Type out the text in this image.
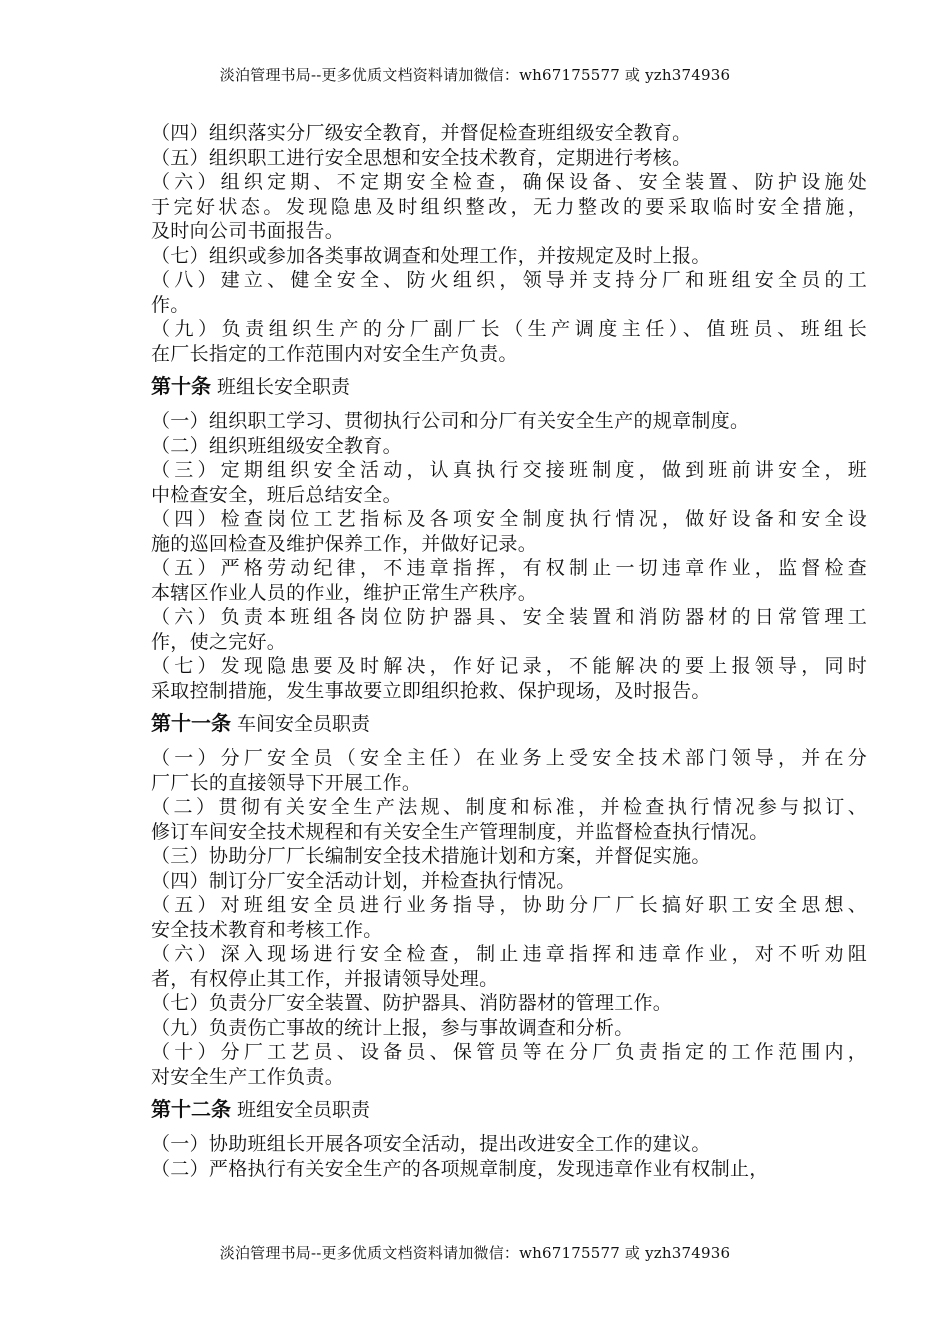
淡泊管理书局--更多优质文档资料请加微信：wh67175577 或 yzh374936
（四）组织落实分厂级安全教育，并督促检查班组级安全教育。
（五）组织职工进行安全思想和安全技术教育，定期进行考核。
（六）组织定期、不定期安全检查，确保设备、安全装置、防护设施处
于完好状态。发现隐患及时组织整改，无力整改的要采取临时安全措施，
及时向公司书面报告。
（七）组织或参加各类事故调查和处理工作，并按规定及时上报。
（八）建立、健全安全、防火组织，领导并支持分厂和班组安全员的工
作。
（九）负责组织生产的分厂副厂长（生产调度主任）、值班员、班组长
在厂长指定的工作范围内对安全生产负责。
第十条 班组长安全职责
（一）组织职工学习、贯彻执行公司和分厂有关安全生产的规章制度。
（二）组织班组级安全教育。
（三）定期组织安全活动，认真执行交接班制度，做到班前讲安全，班
中检查安全，班后总结安全。
（四）检查岗位工艺指标及各项安全制度执行情况，做好设备和安全设
施的巡回检查及维护保养工作，并做好记录。
（五）严格劳动纪律，不违章指挥，有权制止一切违章作业，监督检查
本辖区作业人员的作业，维护正常生产秩序。
（六）负责本班组各岗位防护器具、安全装置和消防器材的日常管理工
作，使之完好。
（七）发现隐患要及时解决，作好记录，不能解决的要上报领导，同时
采取控制措施，发生事故要立即组织抢救、保护现场，及时报告。
第十一条 车间安全员职责
（一）分厂安全员（安全主任）在业务上受安全技术部门领导，并在分
厂厂长的直接领导下开展工作。
（二）贯彻有关安全生产法规、制度和标准，并检查执行情况参与拟订、
修订车间安全技术规程和有关安全生产管理制度，并监督检查执行情况。
（三）协助分厂厂长编制安全技术措施计划和方案，并督促实施。
（四）制订分厂安全活动计划，并检查执行情况。
（五）对班组安全员进行业务指导，协助分厂厂长搞好职工安全思想、
安全技术教育和考核工作。
（六）深入现场进行安全检查，制止违章指挥和违章作业，对不听劝阻
者，有权停止其工作，并报请领导处理。
（七）负责分厂安全装置、防护器具、消防器材的管理工作。
（九）负责伤亡事故的统计上报，参与事故调查和分析。
（十）分厂工艺员、设备员、保管员等在分厂负责指定的工作范围内，
对安全生产工作负责。
第十二条 班组安全员职责
（一）协助班组长开展各项安全活动，提出改进安全工作的建议。
（二）严格执行有关安全生产的各项规章制度，发现违章作业有权制止，
淡泊管理书局--更多优质文档资料请加微信：wh67175577 或 yzh374936
